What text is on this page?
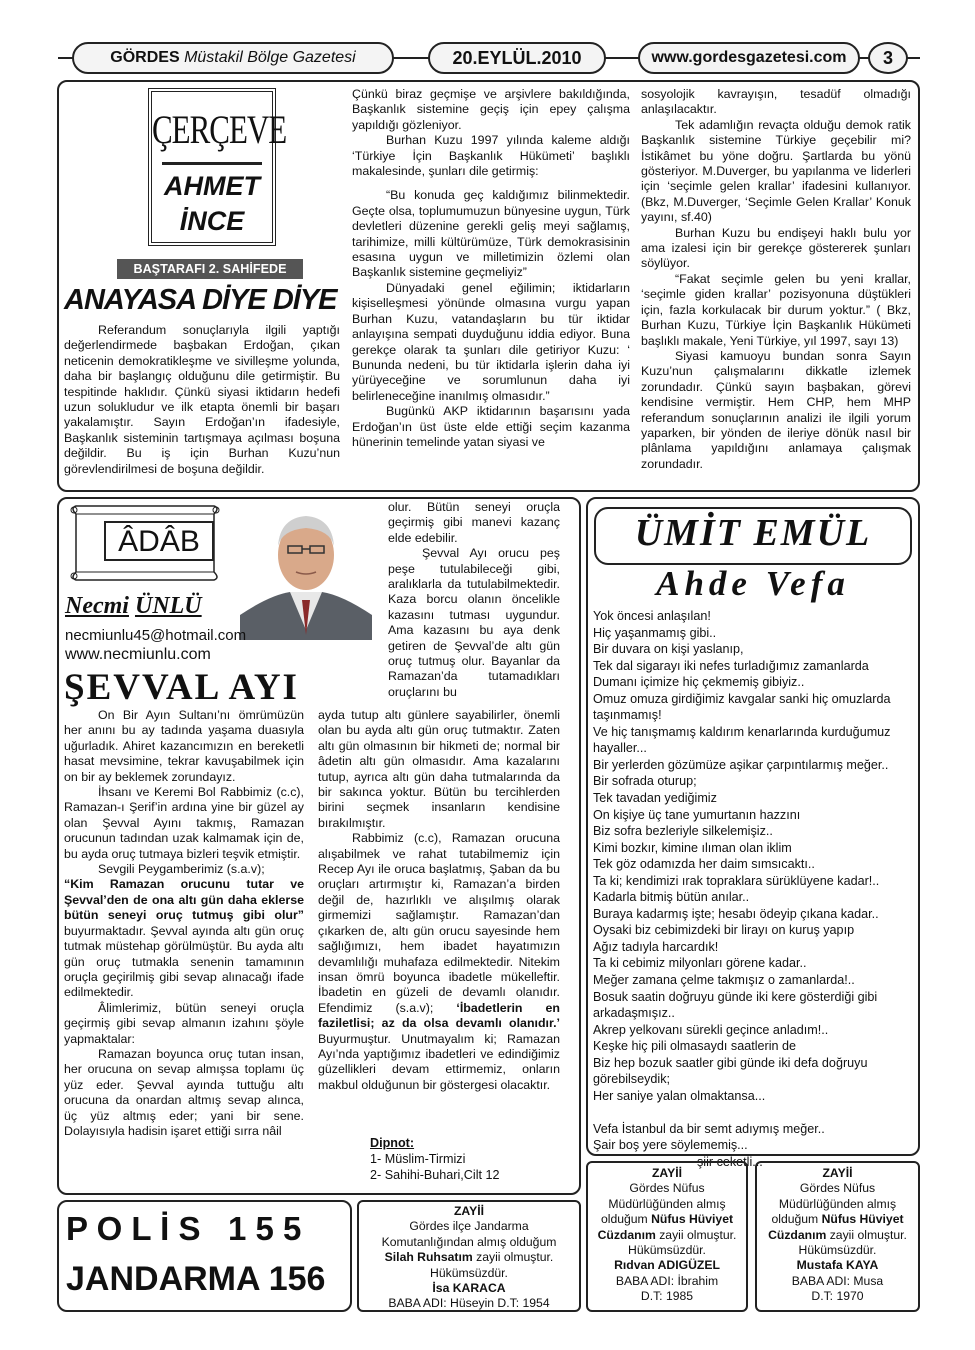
GÖRDES
Müstakil Bölge Gazetesi	20.EYLÜL.2010	www.gordesgazetesi.com	3
ÇERÇEVE
AHMET
İNCE
BAŞTARAFI 2. SAHİFEDE
ANAYASA DİYE DİYE

Referandum sonuçlarıyla ilgili yaptığı değerlendirmede başbakan Erdoğan, çıkan neticenin demokratikleşme ve sivilleşme yolunda, daha bir başlangıç olduğunu dile getirmiştir. Bu tespitinde haklıdır. Çünkü siyasi iktidarın hedefi uzun solukludur ve ilk etapta önemli bir başarı yakalamıştır. Sayın Erdoğan’ın ifadesiyle, Başkanlık sisteminin tartışmaya açılması boşuna değildir. Bu iş için Burhan Kuzu’nun görevlendirilmesi de boşuna değildir.

Çünkü biraz geçmişe ve arşivlere bakıldığında, Başkanlık sistemine geçiş için epey çalışma yapıldığı gözleniyor.

Burhan Kuzu 1997 yılında kaleme aldığı ‘Türkiye İçin Başkanlık Hükümeti’ başlıklı makalesinde, şunları dile getirmiş:

“Bu konuda geç kaldığımız bilinmektedir. Geçte olsa, toplumumuzun bünyesine uygun, Türk devletleri düzenine gerekli geliş meyi sağlamış, tarihimize, milli kültürümüze, Türk demokrasisinin esasına uygun ve milletimizin özlemi olan Başkanlık sistemine geçmeliyiz”

Dünyadaki genel eğilimin; iktidarların kişiselleşmesi yönünde olmasına vurgu yapan Burhan Kuzu, vatandaşların bu tür iktidar anlayışına sempati duyduğunu iddia ediyor. Buna gerekçe olarak ta şunları dile getiriyor Kuzu: ‘ Bununda nedeni, bu tür iktidarla işlerin daha iyi yürüyeceğine ve sorumlunun daha iyi belirleneceğine inanılmış olmasıdır.”

Bugünkü AKP iktidarının başarısını yada Erdoğan’ın üst üste elde ettiği seçim kazanma hünerinin temelinde yatan siyasi ve

sosyolojik kavrayışın, tesadüf olmadığı anlaşılacaktır.

Tek adamlığın revaçta olduğu demok ratik Başkanlık sistemine Türkiye geçebilir mi? İstikâmet bu yöne doğru. Şartlarda bu yönü gösteriyor. M.Duverger, bu yapılanma ve liderleri için ‘seçimle gelen krallar’ ifadesini kullanıyor.(Bkz, M.Duverger, ‘Seçimle Gelen Krallar’ Konuk yayını, sf.40)

Burhan Kuzu bu endişeyi haklı bulu yor ama izalesi için bir gerekçe göstererek şunları söylüyor.

“Fakat seçimle gelen bu yeni krallar, ‘seçimle giden krallar’ pozisyonuna düştükleri için, fazla korkulacak bir durum yoktur.” ( Bkz, Burhan Kuzu, Türkiye İçin Başkanlık Hükümeti başlıklı makale, Yeni Türkiye, yıl 1997, sayı 13)

Siyasi kamuoyu bundan sonra Sayın Kuzu’nun çalışmalarını dikkatle izlemek zorundadır. Çünkü sayın başbakan, görevi kendisine vermiştir. Hem CHP, hem MHP referandum sonuçlarının analizi ile ilgili yorum yaparken, bir yönden de ileriye dönük nasıl bir plânlama yapıldığını anlamaya çalışmak zorundadır.

ÂDÂB
Necmi ÜNLÜ
necmiunlu45@hotmail.com
www.necmiunlu.com
ŞEVVAL AYI

olur. Bütün seneyi oruçla geçirmiş gibi manevi kazanç elde edebilir.

Şevval Ayı orucu peş peşe tutulabileceği gibi, aralıklarla da tutulabilmektedir. Kaza borcu olanın öncelikle kazasını tutması uygundur. Ama kazasını bu aya denk getiren de Şevval’de altı gün oruç tutmuş olur. Bayanlar da Ramazan’da tutamadıkları oruçlarını bu

On Bir Ayın Sultanı’nı ömrümüzün her anını bu ay tadında yaşama duasıyla uğurladık. Ahiret kazancımızın en bereketli hasat mevsimine, tekrar kavuşabilmek için on bir ay beklemek zorundayız.

İhsanı ve Keremi Bol Rabbimiz (c.c), Ramazan-ı Şerif’in ardına yine bir güzel ay olan Şevval Ayını takmış, Ramazan orucunun tadından uzak kalmamak için de, bu ayda oruç tutmaya bizleri teşvik etmiştir.

Sevgili Peygamberimiz (s.a.v);

“Kim Ramazan orucunu tutar ve Şevval’den de ona altı gün daha eklerse bütün seneyi oruç tutmuş gibi olur” buyurmaktadır. Şevval ayında altı gün oruç tutmak müstehap görülmüştür. Bu ayda altı gün oruç tutmakla senenin tamamının oruçla geçirilmiş gibi sevap alınacağı ifade edilmektedir.

Âlimlerimiz, bütün seneyi oruçla geçirmiş gibi sevap almanın izahını şöyle yapmaktalar:

Ramazan boyunca oruç tutan insan, her orucuna on sevap almışsa toplamı üç yüz eder. Şevval ayında tuttuğu altı orucuna da onardan altmış sevap alınca, üç yüz altmış eder; yani bir sene. Dolayısıyla hadisin işaret ettiği sırra nâil

ayda tutup altı günlere sayabilirler, önemli olan bu ayda altı gün oruç tutmaktır. Zaten altı gün olmasının bir hikmeti de; normal bir âdetin altı gün olmasıdır. Ama kazalarını tutup, ayrıca altı gün daha tutmalarında da bir sakınca yoktur. Bütün bu tercihlerden birini seçmek insanların kendisine bırakılmıştır.

Rabbimiz (c.c), Ramazan orucuna alışabilmek ve rahat tutabilmemiz için Recep Ayı ile oruca başlatmış, Şaban da bu oruçları artırmıştır ki, Ramazan’a birden değil de, hazırlıklı ve alışılmış olarak girmemizi sağlamıştır. Ramazan’dan çıkarken de, altı gün orucu sayesinde hem sağlığımızı, hem ibadet hayatımızın devamlılığı muhafaza edilmektedir. Nitekim insan ömrü boyunca ibadetle mükelleftir. İbadetin en güzeli de devamlı olanıdır. Efendimiz (s.a.v); ‘İbadetlerin en faziletlisi; az da olsa devamlı olanıdır.’ Buyurmuştur. Unutmayalım ki; Ramazan Ayı’nda yaptığımız ibadetleri ve edindiğimiz güzellikleri devam ettirmemiz, onların makbul olduğunun bir göstergesi olacaktır.

Dipnot:
1- Müslim-Tirmizi
2- Sahihi-Buhari,Cilt 12
P O L İ S   1 5 5
JANDARMA 156
ZAYİİ
Gördes ilçe Jandarma
Komutanlığından almış olduğum
Silah Ruhsatım zayii olmuştur.
Hükümsüzdür.
İsa KARACA
BABA ADI: Hüseyin D.T: 1954
ÜMİT EMÜL
Ahde Vefa
Yok öncesi anlaşılan!
Hiç yaşanmamış gibi..
Bir duvara on kişi yaslanıp,
Tek dal sigarayı iki nefes turladığımız zamanlarda
Dumanı içimize hiç çekmemiş gibiyiz..
Omuz omuza girdiğimiz kavgalar sanki hiç omuzlarda
taşınmamış!
Ve hiç tanışmamış kaldırım kenarlarında kurduğumuz
hayaller...
Bir yerlerden gözümüze aşikar çarpıntılarmış meğer..
Bir sofrada oturup;
Tek tavadan yediğimiz
On kişiye üç tane yumurtanın hazzını
Biz sofra bezleriyle silkelemişiz..
Kimi bozkır, kimine ılıman olan iklim
Tek göz odamızda her daim sımsıcaktı..
Ta ki; kendimizi ırak topraklara sürüklüyene kadar!..
Kadarla bitmiş bütün anılar..
Buraya kadarmış işte; hesabı ödeyip çıkana kadar..
Oysaki biz cebimizdeki bir lirayı on kuruş yapıp
Ağız tadıyla harcardık!
Ta ki cebimiz milyonları görene kadar..
Meğer zamana çelme takmışız o zamanlarda!..
Bosuk saatin doğruyu günde iki kere gösterdiği gibi
arkadaşmışız..
Akrep yelkovanı sürekli geçince anladım!..
Keşke hiç pili olmasaydı saatlerin de
Biz hep bozuk saatler gibi günde iki defa doğruyu
görebilseydik;
Her saniye yalan olmaktansa...
Vefa İstanbul da bir semt adıymış meğer..
Şair boş yere söylememiş...
şiir ceketli...
ZAYİİ
Gördes Nüfus
Müdürlüğünden almış
olduğum Nüfus Hüviyet
Cüzdanım zayii olmuştur.
Hükümsüzdür.
Rıdvan ADIGÜZEL
BABA ADI: İbrahim
D.T: 1985
ZAYİİ
Gördes Nüfus
Müdürlüğünden almış
olduğum Nüfus Hüviyet
Cüzdanım zayii olmuştur.
Hükümsüzdür.
Mustafa KAYA
BABA ADI: Musa
D.T: 1970
